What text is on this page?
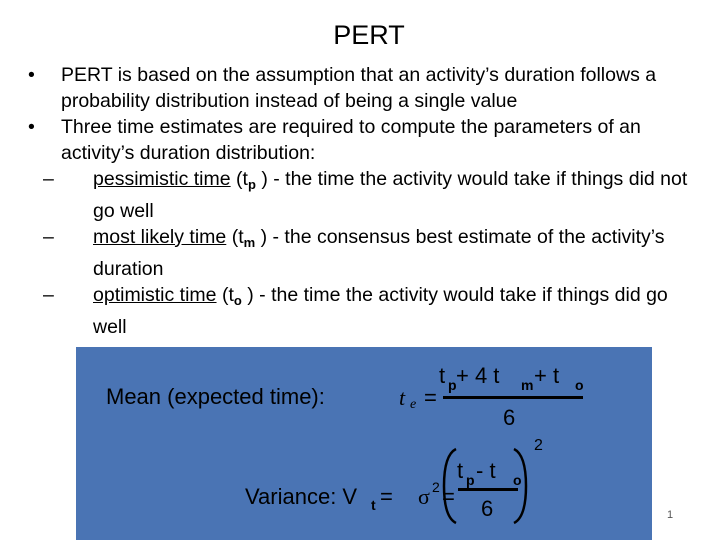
PERT
• PERT is based on the assumption that an activity’s duration follows a probability distribution instead of being a single value
• Three time estimates are required to compute the parameters of an activity’s duration distribution:
– pessimistic time ($t_p$ ) - the time the activity would take if things did not go well
– most likely time ($t_m$ ) - the consensus best estimate of the activity’s duration
– optimistic time ($t_o$ ) - the time the activity would take if things did go well
Mean (expected time):	t e =
t p + 4 t m + t o
6
Variance: V t = σ 2 =
t p - t o
6
2
1
